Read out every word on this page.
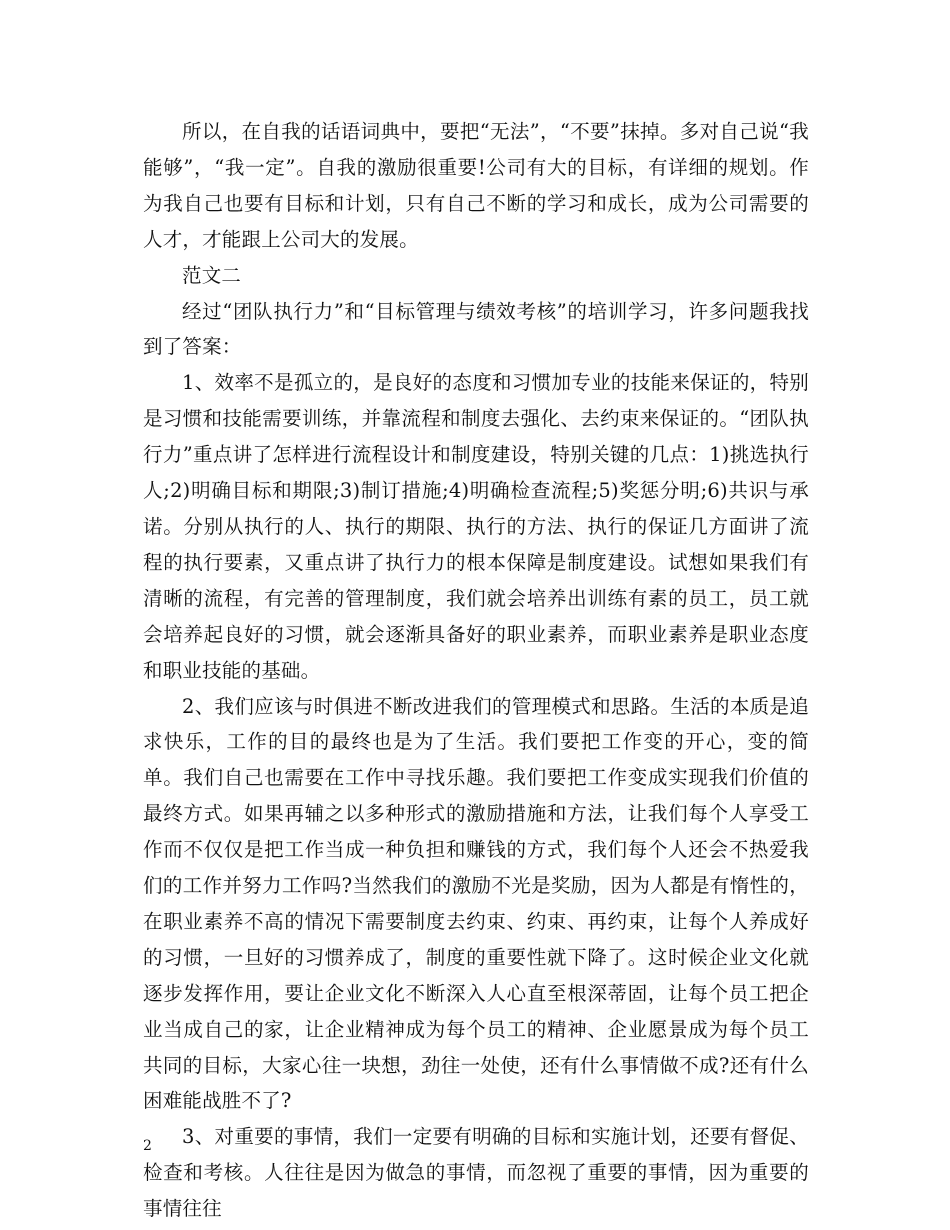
所以，在自我的话语词典中，要把“无法”，“不要”抹掉。多对自己说“我能够”，“我一定”。自我的激励很重要!公司有大的目标，有详细的规划。作为我自己也要有目标和计划，只有自己不断的学习和成长，成为公司需要的人才，才能跟上公司大的发展。

范文二

经过“团队执行力”和“目标管理与绩效考核”的培训学习，许多问题我找到了答案：

1、效率不是孤立的，是良好的态度和习惯加专业的技能来保证的，特别是习惯和技能需要训练，并靠流程和制度去强化、去约束来保证的。“团队执行力”重点讲了怎样进行流程设计和制度建设，特别关键的几点：1)挑选执行人;2)明确目标和期限;3)制订措施;4)明确检查流程;5)奖惩分明;6)共识与承诺。分别从执行的人、执行的期限、执行的方法、执行的保证几方面讲了流程的执行要素，又重点讲了执行力的根本保障是制度建设。试想如果我们有清晰的流程，有完善的管理制度，我们就会培养出训练有素的员工，员工就会培养起良好的习惯，就会逐渐具备好的职业素养，而职业素养是职业态度和职业技能的基础。

2、我们应该与时俱进不断改进我们的管理模式和思路。生活的本质是追求快乐，工作的目的最终也是为了生活。我们要把工作变的开心，变的简单。我们自己也需要在工作中寻找乐趣。我们要把工作变成实现我们价值的最终方式。如果再辅之以多种形式的激励措施和方法，让我们每个人享受工作而不仅仅是把工作当成一种负担和赚钱的方式，我们每个人还会不热爱我们的工作并努力工作吗?当然我们的激励不光是奖励，因为人都是有惰性的，在职业素养不高的情况下需要制度去约束、约束、再约束，让每个人养成好的习惯，一旦好的习惯养成了，制度的重要性就下降了。这时候企业文化就逐步发挥作用，要让企业文化不断深入人心直至根深蒂固，让每个员工把企业当成自己的家，让企业精神成为每个员工的精神、企业愿景成为每个员工共同的目标，大家心往一块想，劲往一处使，还有什么事情做不成?还有什么困难能战胜不了?

3、对重要的事情，我们一定要有明确的目标和实施计划，还要有督促、检查和考核。人往往是因为做急的事情，而忽视了重要的事情，因为重要的事情往往

2
